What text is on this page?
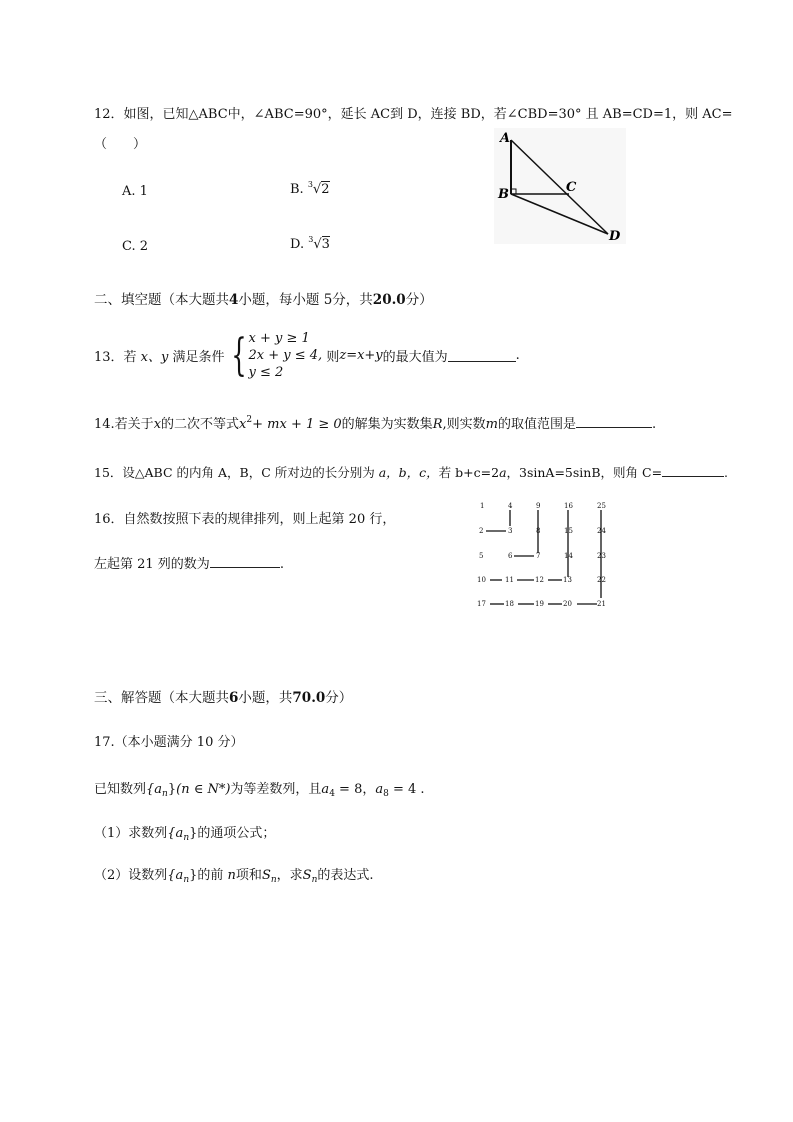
12．如图，已知△ABC中，∠ABC=90°，延长 AC到 D，连接 BD，若∠CBD=30° 且 AB=CD=1，则 AC=
（　　）
A. 1	B. $^3$√2
C. 2	D. $^3$√3
A
B	C
D
二、填空题（本大题共4小题，每小题 5分，共20.0分）
13．若 x、y 满足条件 { x + y ≥ 1
2x + y ≤ 4,
y ≤ 2 则z=x+y的最大值为	.
14.若关于x的二次不等式$x^2+$ mx + 1 ≥ 0的解集为实数集R,则实数m的取值范围是	.
15．设△ABC 的内角 A，B，C 所对边的长分别为 a，b，c，若 b+c=2a，3sinA=5sinB，则角 C=	.
16．自然数按照下表的规律排列，则上起第 20 行，
左起第 21 列的数为	.
1	4	9	16	25
2	3	8	15	24
5	6	7	14	23
10	11	12	13	22
17	18	19	20	21
三、解答题（本大题共6小题，共70.0分）
17.（本小题满分 10 分）
已知数列$\{a_n\}(n$ ∈ N*)为等差数列，且$a_4 = 8$，$a_8 = 4$ .
（1）求数列$\{a_n\}$的通项公式；
（2）设数列$\{a_n\}$的前 n项和$S_n$，求$S_n$的表达式.
